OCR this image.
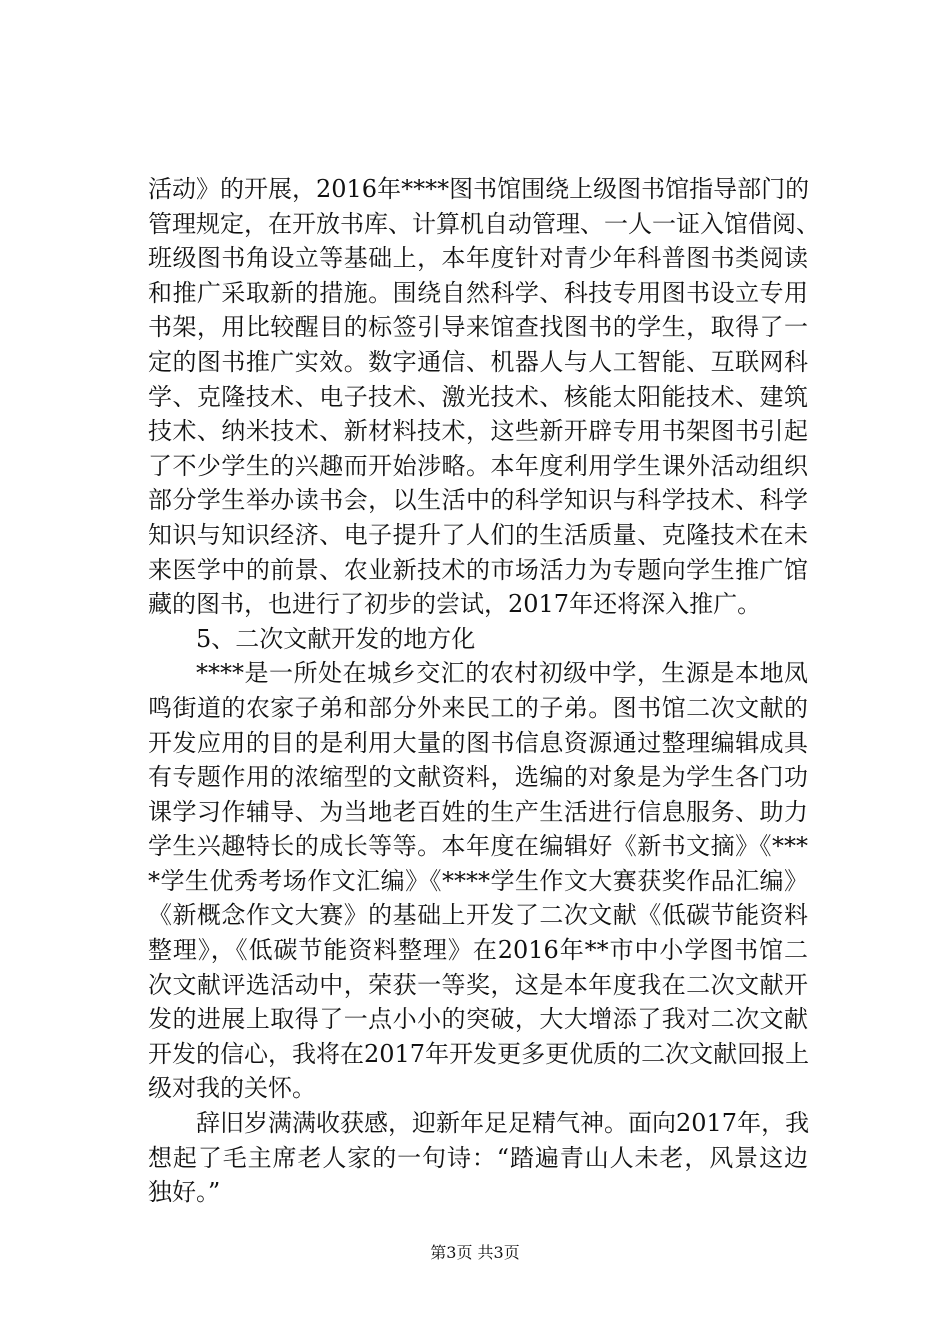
活动》的开展，2016年****图书馆围绕上级图书馆指导部门的
管理规定，在开放书库、计算机自动管理、一人一证入馆借阅、
班级图书角设立等基础上，本年度针对青少年科普图书类阅读
和推广采取新的措施。围绕自然科学、科技专用图书设立专用
书架，用比较醒目的标签引导来馆查找图书的学生，取得了一
定的图书推广实效。数字通信、机器人与人工智能、互联网科
学、克隆技术、电子技术、激光技术、核能太阳能技术、建筑
技术、纳米技术、新材料技术，这些新开辟专用书架图书引起
了不少学生的兴趣而开始涉略。本年度利用学生课外活动组织
部分学生举办读书会，以生活中的科学知识与科学技术、科学
知识与知识经济、电子提升了人们的生活质量、克隆技术在未
来医学中的前景、农业新技术的市场活力为专题向学生推广馆
藏的图书，也进行了初步的尝试，2017年还将深入推广。
5、二次文献开发的地方化
****是一所处在城乡交汇的农村初级中学，生源是本地凤
鸣街道的农家子弟和部分外来民工的子弟。图书馆二次文献的
开发应用的目的是利用大量的图书信息资源通过整理编辑成具
有专题作用的浓缩型的文献资料，选编的对象是为学生各门功
课学习作辅导、为当地老百姓的生产生活进行信息服务、助力
学生兴趣特长的成长等等。本年度在编辑好《新书文摘》《***
*学生优秀考场作文汇编》《****学生作文大赛获奖作品汇编》
《新概念作文大赛》的基础上开发了二次文献《低碳节能资料
整理》，《低碳节能资料整理》在2016年**市中小学图书馆二
次文献评选活动中，荣获一等奖，这是本年度我在二次文献开
发的进展上取得了一点小小的突破，大大增添了我对二次文献
开发的信心，我将在2017年开发更多更优质的二次文献回报上
级对我的关怀。
辞旧岁满满收获感，迎新年足足精气神。面向2017年，我
想起了毛主席老人家的一句诗：“踏遍青山人未老，风景这边
独好。”
第3页 共3页
